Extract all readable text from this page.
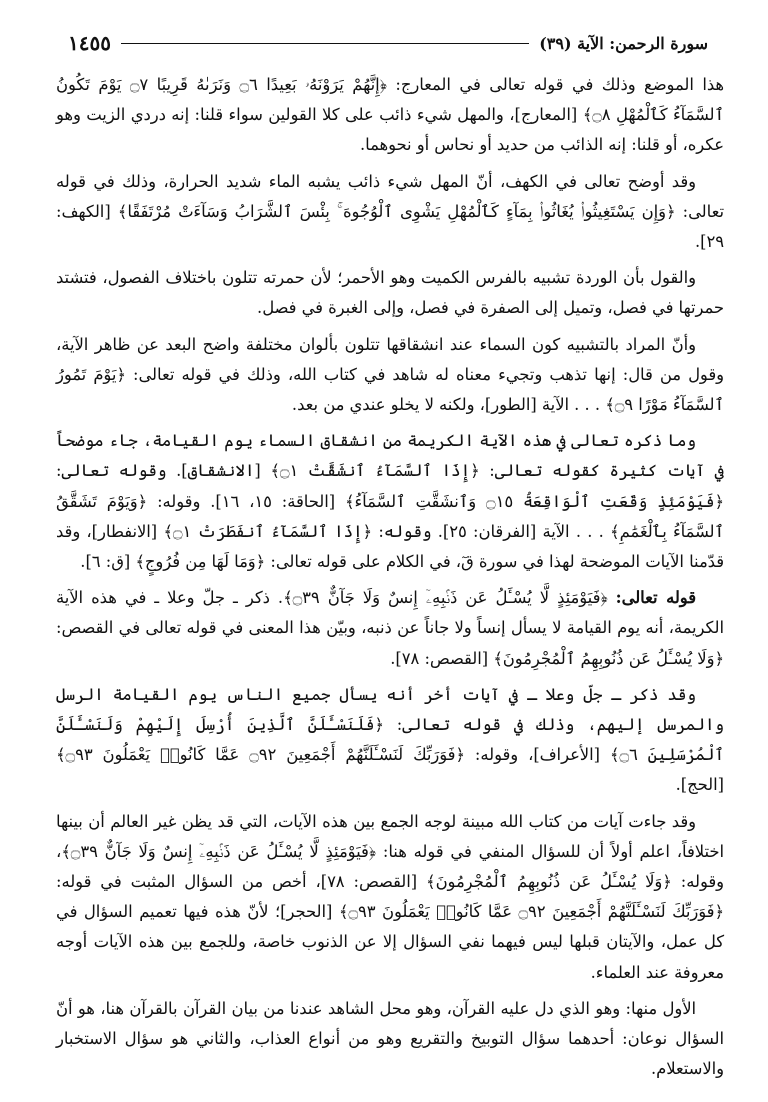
سورة الرحمن: الآية (٣٩)
١٤٥٥

هذا الموضع وذلك في قوله تعالى في المعارج: ﴿إِنَّهُمْ يَرَوْنَهُۥ بَعِيدًا ۝٦ وَنَرَىٰهُ قَرِيبًا ۝٧ يَوْمَ تَكُونُ ٱلسَّمَآءُ كَٱلْمُهْلِ ۝٨﴾ [المعارج]، والمهل شيء ذائب على كلا القولين سواء قلنا: إنه دردي الزيت وهو عكره، أو قلنا: إنه الذائب من حديد أو نحاس أو نحوهما.

وقد أوضح تعالى في الكهف، أنّ المهل شيء ذائب يشبه الماء شديد الحرارة، وذلك في قوله تعالى: ﴿وَإِن يَسْتَغِيثُوا۟ يُغَاثُوا۟ بِمَآءٍ كَٱلْمُهْلِ يَشْوِى ٱلْوُجُوهَ ۚ بِئْسَ ٱلشَّرَابُ وَسَآءَتْ مُرْتَفَقًا﴾ [الكهف: ٢٩].

والقول بأن الوردة تشبيه بالفرس الكميت وهو الأحمر؛ لأن حمرته تتلون باختلاف الفصول، فتشتد حمرتها في فصل، وتميل إلى الصفرة في فصل، وإلى الغبرة في فصل.

وأنّ المراد بالتشبيه كون السماء عند انشقاقها تتلون بألوان مختلفة واضح البعد عن ظاهر الآية، وقول من قال: إنها تذهب وتجيء معناه له شاهد في كتاب الله، وذلك في قوله تعالى: ﴿يَوْمَ تَمُورُ ٱلسَّمَآءُ مَوْرًا ۝٩﴾ . . . الآية [الطور]، ولكنه لا يخلو عندي من بعد.

وما ذكره تعالى في هذه الآية الكريمة من انشقاق السماء يوم القيامة، جاء موضحاً في آيات كثيرة كقوله تعالى: ﴿إِذَا ٱلسَّمَآءُ ٱنشَقَّتْ ۝١﴾ [الانشقاق]. وقوله تعالى: ﴿فَيَوْمَئِذٍ وَقَعَتِ ٱلْوَاقِعَةُ ۝١٥ وَٱنشَقَّتِ ٱلسَّمَآءُ﴾ [الحاقة: ١٥، ١٦]. وقوله: ﴿وَيَوْمَ تَشَقَّقُ ٱلسَّمَآءُ بِٱلْغَمَٰمِ﴾ . . . الآية [الفرقان: ٢٥]. وقوله: ﴿إِذَا ٱلسَّمَآءُ ٱنفَطَرَتْ ۝١﴾ [الانفطار]، وقد قدّمنا الآيات الموضحة لهذا في سورة قٓ، في الكلام على قوله تعالى: ﴿وَمَا لَهَا مِن فُرُوجٍ﴾ [ق: ٦].

قوله تعالى: ﴿فَيَوْمَئِذٍ لَّا يُسْـَٔلُ عَن ذَنۢبِهِۦٓ إِنسٌ وَلَا جَآنٌّ ۝٣٩﴾. ذكر ـ جلّ وعلا ـ في هذه الآية الكريمة، أنه يوم القيامة لا يسأل إنساً ولا جاناً عن ذنبه، وبيّن هذا المعنى في قوله تعالى في القصص: ﴿وَلَا يُسْـَٔلُ عَن ذُنُوبِهِمُ ٱلْمُجْرِمُونَ﴾ [القصص: ٧٨].

وقد ذكر ـ جلّ وعلا ـ في آيات أخر أنه يسأل جميع الناس يوم القيامة الرسل والمرسل إليهم، وذلك في قوله تعالى: ﴿فَلَنَسْـَٔلَنَّ ٱلَّذِينَ أُرْسِلَ إِلَيْهِمْ وَلَنَسْـَٔلَنَّ ٱلْمُرْسَلِينَ ۝٦﴾ [الأعراف]، وقوله: ﴿فَوَرَبِّكَ لَنَسْـَٔلَنَّهُمْ أَجْمَعِينَ ۝٩٢ عَمَّا كَانُوا۟ يَعْمَلُونَ ۝٩٣﴾ [الحج].

وقد جاءت آيات من كتاب الله مبينة لوجه الجمع بين هذه الآيات، التي قد يظن غير العالم أن بينها اختلافاً، اعلم أولاً أن للسؤال المنفي في قوله هنا: ﴿فَيَوْمَئِذٍ لَّا يُسْـَٔلُ عَن ذَنۢبِهِۦٓ إِنسٌ وَلَا جَآنٌّ ۝٣٩﴾، وقوله: ﴿وَلَا يُسْـَٔلُ عَن ذُنُوبِهِمُ ٱلْمُجْرِمُونَ﴾ [القصص: ٧٨]، أخص من السؤال المثبت في قوله: ﴿فَوَرَبِّكَ لَنَسْـَٔلَنَّهُمْ أَجْمَعِينَ ۝٩٢ عَمَّا كَانُوا۟ يَعْمَلُونَ ۝٩٣﴾ [الحجر]؛ لأنّ هذه فيها تعميم السؤال في كل عمل، والآيتان قبلها ليس فيهما نفي السؤال إلا عن الذنوب خاصة، وللجمع بين هذه الآيات أوجه معروفة عند العلماء.

الأول منها: وهو الذي دل عليه القرآن، وهو محل الشاهد عندنا من بيان القرآن بالقرآن هنا، هو أنّ السؤال نوعان: أحدهما سؤال التوبيخ والتقريع وهو من أنواع العذاب، والثاني هو سؤال الاستخبار والاستعلام.
